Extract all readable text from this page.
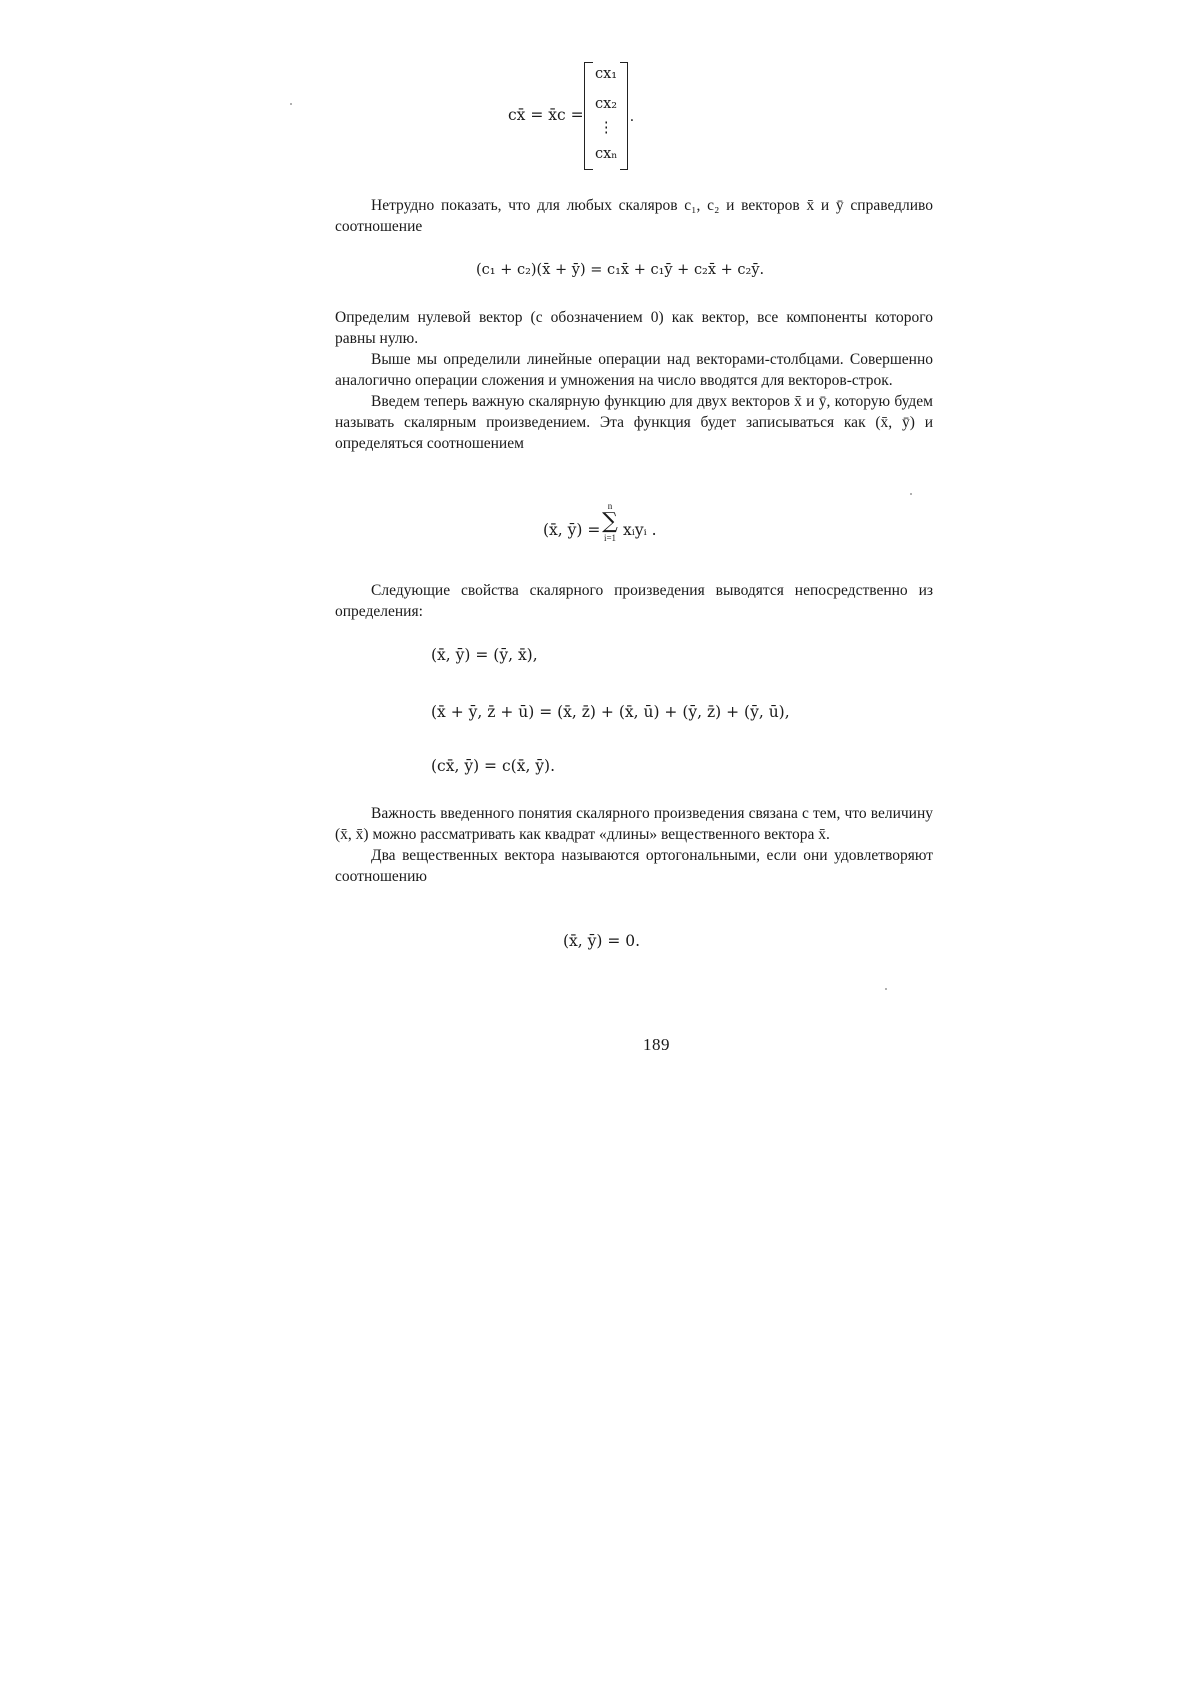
cx̄ = x̄c =
cx₁
cx₂
⋮
cxₙ
.

Нетрудно показать, что для любых скаляров c₁, c₂ и векторов x̄ и ȳ справедливо соотношение

(c₁ + c₂)(x̄ + ȳ) = c₁x̄ + c₁ȳ + c₂x̄ + c₂ȳ.

Определим нулевой вектор (с обозначением 0) как вектор, все компоненты которого равны нулю.

Выше мы определили линейные операции над векторами-столбцами. Совершенно аналогично операции сложения и умножения на число вводятся для векторов-строк.

Введем теперь важную скалярную функцию для двух векторов x̄ и ȳ, которую будем называть скалярным произведением. Эта функция будет записываться как (x̄, ȳ) и определяться соотношением

(x̄, ȳ) =
n
∑
i=1 xᵢyᵢ .

Следующие свойства скалярного произведения выводятся непосредственно из определения:

(x̄, ȳ) = (ȳ, x̄),
(x̄ + ȳ, z̄ + ū) = (x̄, z̄) + (x̄, ū) + (ȳ, z̄) + (ȳ, ū),
(cx̄, ȳ) = c(x̄, ȳ).

Важность введенного понятия скалярного произведения связана с тем, что величину (x̄, x̄) можно рассматривать как квадрат «длины» вещественного вектора x̄.

Два вещественных вектора называются ортогональными, если они удовлетворяют соотношению

(x̄, ȳ) = 0.
189
